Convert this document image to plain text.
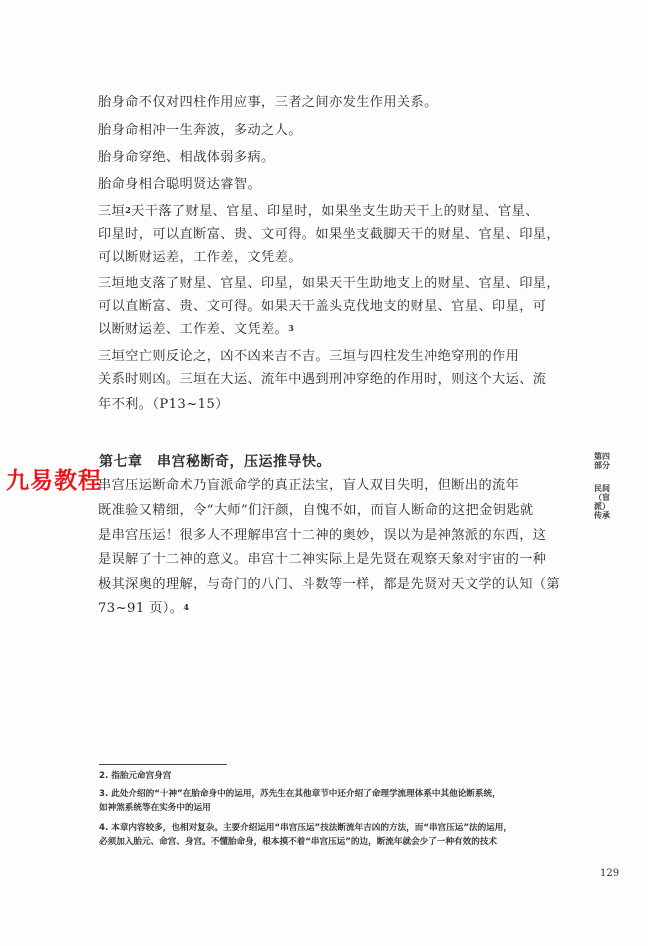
胎身命不仅对四柱作用应事，三者之间亦发生作用关系。
胎身命相冲一生奔波，多动之人。
胎身命穿绝、相战体弱多病。
胎命身相合聪明贤达睿智。
三垣$^2$天干落了财星、官星、印星时，如果坐支生助天干上的财星、官星、
印星时，可以直断富、贵、文可得。如果坐支截脚天干的财星、官星、印星，
可以断财运差，工作差，文凭差。
三垣地支落了财星、官星、印星，如果天干生助地支上的财星、官星、印星，
可以直断富、贵、文可得。如果天干盖头克伐地支的财星、官星、印星，可
以断财运差、工作差、文凭差。$^3$
三垣空亡则反论之，凶不凶来吉不吉。三垣与四柱发生冲绝穿刑的作用
关系时则凶。三垣在大运、流年中遇到刑冲穿绝的作用时，则这个大运、流
年不利。（P13~15）
第七章　串宫秘断奇，压运推导快。
串宫压运断命术乃盲派命学的真正法宝，盲人双目失明，但断出的流年
既准验又精细，令“大师”们汗颜，自愧不如，而盲人断命的这把金钥匙就
是串宫压运！很多人不理解串宫十二神的奥妙，误以为是神煞派的东西，这
是误解了十二神的意义。串宫十二神实际上是先贤在观察天象对宇宙的一种
极其深奥的理解，与奇门的八门、斗数等一样，都是先贤对天文学的认知（第
73~91 页）。$^4$
九易教程
第四部分
民间（盲派）传承
2. 指胎元命宫身宫
3. 此处介绍的“十神”在胎命身中的运用，苏先生在其他章节中还介绍了命理学流理体系中其他论断系统，
如神煞系统等在实务中的运用
4. 本章内容较多，也相对复杂。主要介绍运用“串宫压运”技法断流年吉凶的方法，而“串宫压运”法的运用，
必须加入胎元、命宫、身宫。不懂胎命身，根本摸不着“串宫压运”的边，断流年就会少了一种有效的技术
129
